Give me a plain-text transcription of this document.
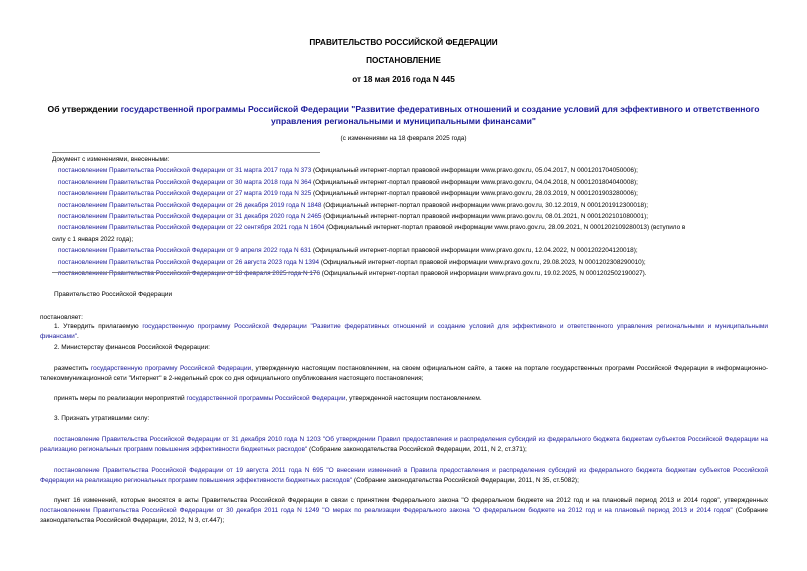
ПРАВИТЕЛЬСТВО РОССИЙСКОЙ ФЕДЕРАЦИИ
ПОСТАНОВЛЕНИЕ
от 18 мая 2016 года N 445
Об утверждении государственной программы Российской Федерации "Развитие федеративных отношений и создание условий для эффективного и ответственного управления региональными и муниципальными финансами"
(с изменениями на 18 февраля 2025 года)
Документ с изменениями, внесенными:
постановлением Правительства Российской Федерации от 31 марта 2017 года N 373 (Официальный интернет-портал правовой информации www.pravo.gov.ru, 05.04.2017, N 0001201704050006);
постановлением Правительства Российской Федерации от 30 марта 2018 года N 364 (Официальный интернет-портал правовой информации www.pravo.gov.ru, 04.04.2018, N 0001201804040008);
постановлением Правительства Российской Федерации от 27 марта 2019 года N 325 (Официальный интернет-портал правовой информации www.pravo.gov.ru, 28.03.2019, N 0001201903280006);
постановлением Правительства Российской Федерации от 26 декабря 2019 года N 1848 (Официальный интернет-портал правовой информации www.pravo.gov.ru, 30.12.2019, N 0001201912300018);
постановлением Правительства Российской Федерации от 31 декабря 2020 года N 2465 (Официальный интернет-портал правовой информации www.pravo.gov.ru, 08.01.2021, N 0001202101080001);
постановлением Правительства Российской Федерации от 22 сентября 2021 года N 1604 (Официальный интернет-портал правовой информации www.pravo.gov.ru, 28.09.2021, N 0001202109280013) (вступило в
силу с 1 января 2022 года);
постановлением Правительства Российской Федерации от 9 апреля 2022 года N 631 (Официальный интернет-портал правовой информации www.pravo.gov.ru, 12.04.2022, N 0001202204120018);
постановлением Правительства Российской Федерации от 26 августа 2023 года N 1394 (Официальный интернет-портал правовой информации www.pravo.gov.ru, 29.08.2023, N 0001202308290010);
постановлением Правительства Российской Федерации от 18 февраля 2025 года N 176 (Официальный интернет-портал правовой информации www.pravo.gov.ru, 19.02.2025, N 0001202502190027).
Правительство Российской Федерации
постановляет:
1. Утвердить прилагаемую государственную программу Российской Федерации "Развитие федеративных отношений и создание условий для эффективного и ответственного управления региональными и муниципальными финансами".
2. Министерству финансов Российской Федерации:
разместить государственную программу Российской Федерации, утвержденную настоящим постановлением, на своем официальном сайте, а также на портале государственных программ Российской Федерации в информационно-телекоммуникационной сети "Интернет" в 2-недельный срок со дня официального опубликования настоящего постановления;
принять меры по реализации мероприятий государственной программы Российской Федерации, утвержденной настоящим постановлением.
3. Признать утратившими силу:
постановление Правительства Российской Федерации от 31 декабря 2010 года N 1203 "Об утверждении Правил предоставления и распределения субсидий из федерального бюджета бюджетам субъектов Российской Федерации на реализацию региональных программ повышения эффективности бюджетных расходов" (Собрание законодательства Российской Федерации, 2011, N 2, ст.371);
постановление Правительства Российской Федерации от 19 августа 2011 года N 695 "О внесении изменений в Правила предоставления и распределения субсидий из федерального бюджета бюджетам субъектов Российской Федерации на реализацию региональных программ повышения эффективности бюджетных расходов" (Собрание законодательства Российской Федерации, 2011, N 35, ст.5082);
пункт 16 изменений, которые вносятся в акты Правительства Российской Федерации в связи с принятием Федерального закона "О федеральном бюджете на 2012 год и на плановый период 2013 и 2014 годов", утвержденных постановлением Правительства Российской Федерации от 30 декабря 2011 года N 1249 "О мерах по реализации Федерального закона "О федеральном бюджете на 2012 год и на плановый период 2013 и 2014 годов" (Собрание законодательства Российской Федерации, 2012, N 3, ст.447);
